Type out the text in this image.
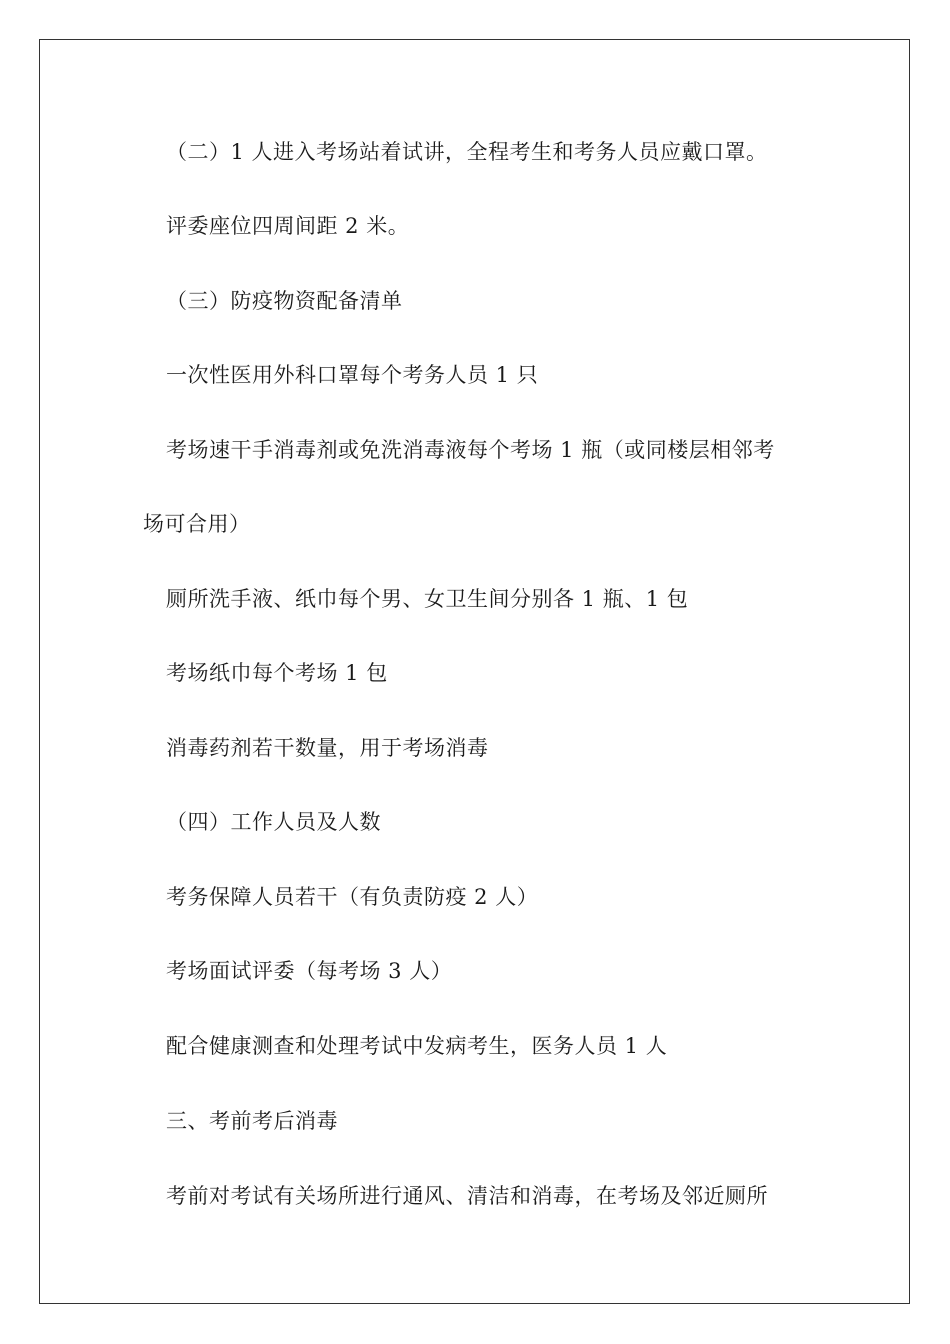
（二）1 人进入考场站着试讲，全程考生和考务人员应戴口罩。
评委座位四周间距 2 米。
（三）防疫物资配备清单
一次性医用外科口罩每个考务人员 1 只
考场速干手消毒剂或免洗消毒液每个考场 1 瓶（或同楼层相邻考
场可合用）
厕所洗手液、纸巾每个男、女卫生间分别各 1 瓶、1 包
考场纸巾每个考场 1 包
消毒药剂若干数量，用于考场消毒
（四）工作人员及人数
考务保障人员若干（有负责防疫 2 人）
考场面试评委（每考场 3 人）
配合健康测查和处理考试中发病考生，医务人员 1 人
三、考前考后消毒
考前对考试有关场所进行通风、清洁和消毒，在考场及邻近厕所
